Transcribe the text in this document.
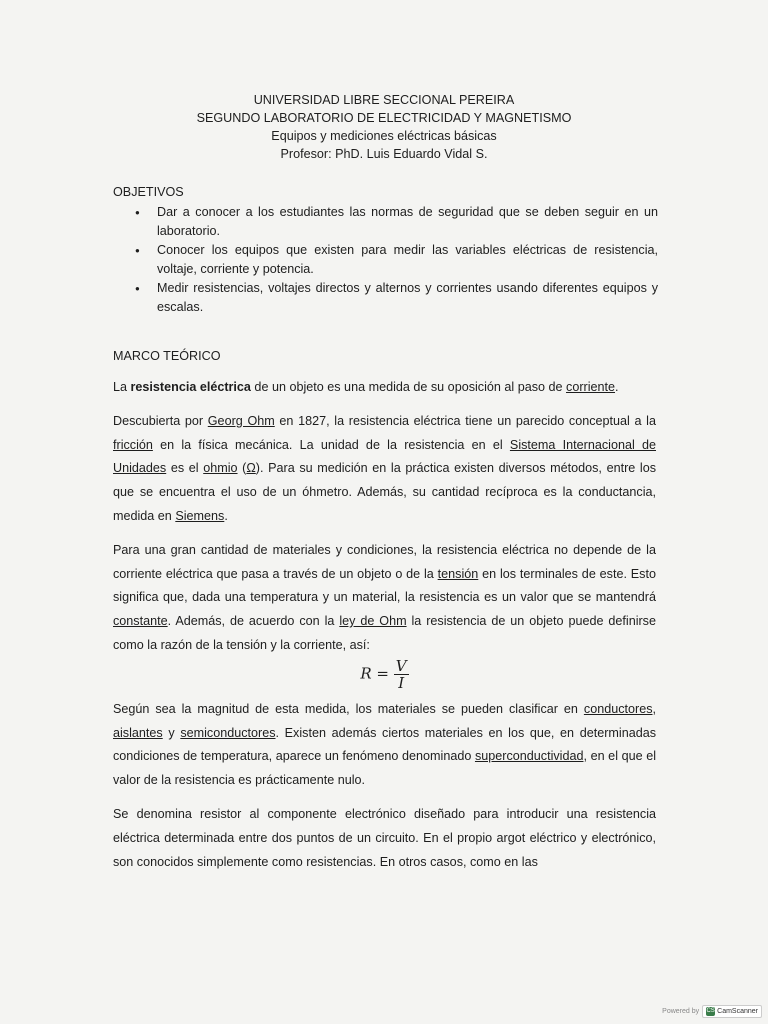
UNIVERSIDAD LIBRE SECCIONAL PEREIRA
SEGUNDO LABORATORIO DE ELECTRICIDAD Y MAGNETISMO
Equipos y mediciones eléctricas básicas
Profesor: PhD. Luis Eduardo Vidal S.
OBJETIVOS
● Dar a conocer a los estudiantes las normas de seguridad que se deben seguir en un laboratorio.
● Conocer los equipos que existen para medir las variables eléctricas de resistencia, voltaje, corriente y potencia.
● Medir resistencias, voltajes directos y alternos y corrientes usando diferentes equipos y escalas.
MARCO TEÓRICO

La resistencia eléctrica de un objeto es una medida de su oposición al paso de corriente.

Descubierta por Georg Ohm en 1827, la resistencia eléctrica tiene un parecido conceptual a la fricción en la física mecánica. La unidad de la resistencia en el Sistema Internacional de Unidades es el ohmio (Ω). Para su medición en la práctica existen diversos métodos, entre los que se encuentra el uso de un óhmetro. Además, su cantidad recíproca es la conductancia, medida en Siemens.

Para una gran cantidad de materiales y condiciones, la resistencia eléctrica no depende de la corriente eléctrica que pasa a través de un objeto o de la tensión en los terminales de este. Esto significa que, dada una temperatura y un material, la resistencia es un valor que se mantendrá constante. Además, de acuerdo con la ley de Ohm la resistencia de un objeto puede definirse como la razón de la tensión y la corriente, así:

$R = \frac{V}{I}$

Según sea la magnitud de esta medida, los materiales se pueden clasificar en conductores, aislantes y semiconductores. Existen además ciertos materiales en los que, en determinadas condiciones de temperatura, aparece un fenómeno denominado superconductividad, en el que el valor de la resistencia es prácticamente nulo.

Se denomina resistor al componente electrónico diseñado para introducir una resistencia eléctrica determinada entre dos puntos de un circuito. En el propio argot eléctrico y electrónico, son conocidos simplemente como resistencias. En otros casos, como en las

Powered by CS CamScanner
